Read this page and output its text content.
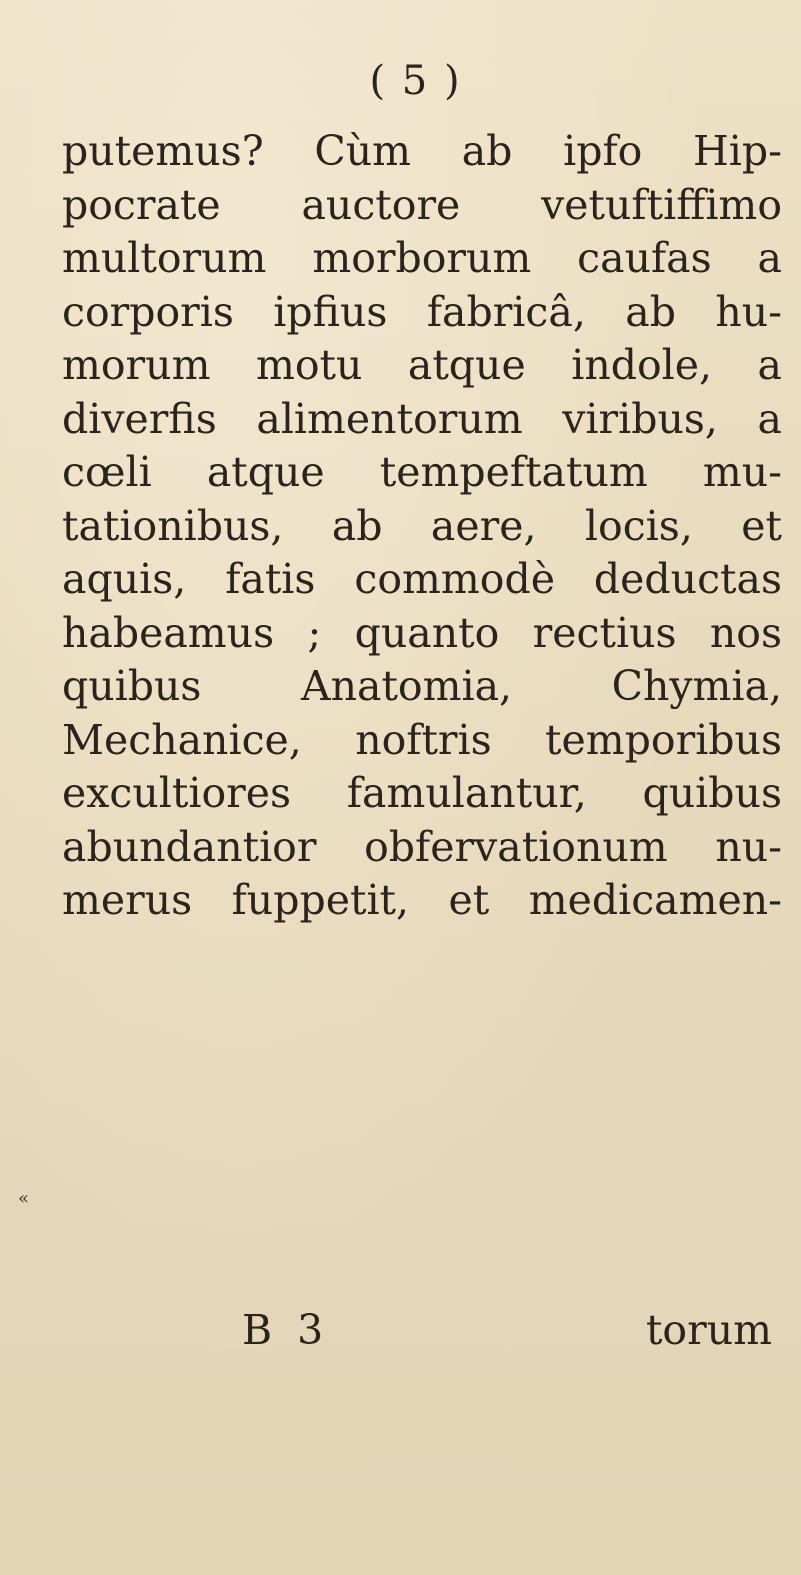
( 5 )
putemus? Cùm ab ipfo Hip-
pocrate auctore vetuftiffimo
multorum morborum caufas a
corporis ipfius fabricâ, ab hu-
morum motu atque indole, a
diverfis alimentorum viribus, a
cœli atque tempeftatum mu-
tationibus, ab aere, locis, et
aquis, fatis commodè deductas
habeamus ; quanto rectius nos
quibus Anatomia, Chymia,
Mechanice, noftris temporibus
excultiores famulantur, quibus
abundantior obfervationum nu-
merus fuppetit, et medicamen-
«
B 3	torum
